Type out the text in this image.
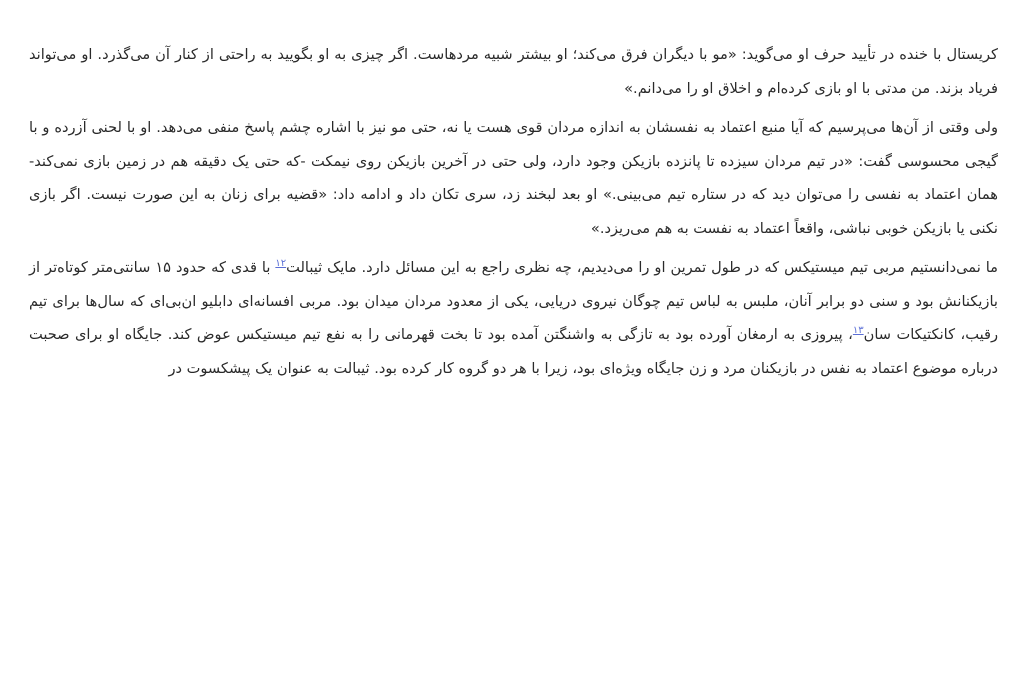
کریستال با خنده در تأیید حرف او می‌گوید: «مو با دیگران فرق می‌کند؛ او بیشتر شبیه مردهاست. اگر چیزی به او بگویید به راحتی از کنار آن می‌گذرد. او می‌تواند فریاد بزند. من مدتی با او بازی کرده‌ام و اخلاق او را می‌دانم.»

ولی وقتی از آن‌ها می‌پرسیم که آیا منبع اعتماد به نفسشان به اندازه مردان قوی هست یا نه، حتی مو نیز با اشاره چشم پاسخ منفی می‌دهد. او با لحنی آزرده و با گیجی محسوسی گفت: «در تیم مردان سیزده تا پانزده بازیکن وجود دارد، ولی حتی در آخرین بازیکن روی نیمکت -که حتی یک دقیقه هم در زمین بازی نمی‌کند- همان اعتماد به نفسی را می‌توان دید که در ستاره تیم می‌بینی.» او بعد لبخند زد، سری تکان داد و ادامه داد: «قضیه برای زنان به این صورت نیست. اگر بازی نکنی یا بازیکن خوبی نباشی، واقعاً اعتماد به نفست به هم می‌ریزد.»

ما نمی‌دانستیم مربی تیم میستیکس که در طول تمرین او را می‌دیدیم، چه نظری راجع به این مسائل دارد. مایک ثیبالت$^{۱۲}$ با قدی که حدود ۱۵ سانتی‌متر کوتاه‌تر از بازیکنانش بود و سنی دو برابر آنان، ملبس به لباس تیم چوگان نیروی دریایی، یکی از معدود مردان میدان بود. مربی افسانه‌ای دابلیو ان‌بی‌ای که سال‌ها برای تیم رقیب، کانکتیکات سان$^{۱۳}$، پیروزی به ارمغان آورده بود به تازگی به واشنگتن آمده بود تا بخت قهرمانی را به نفع تیم میستیکس عوض کند. جایگاه او برای صحبت درباره موضوع اعتماد به نفس در بازیکنان مرد و زن جایگاه ویژه‌ای بود، زیرا با هر دو گروه کار کرده بود. ثیبالت به عنوان یک پیشکسوت در
